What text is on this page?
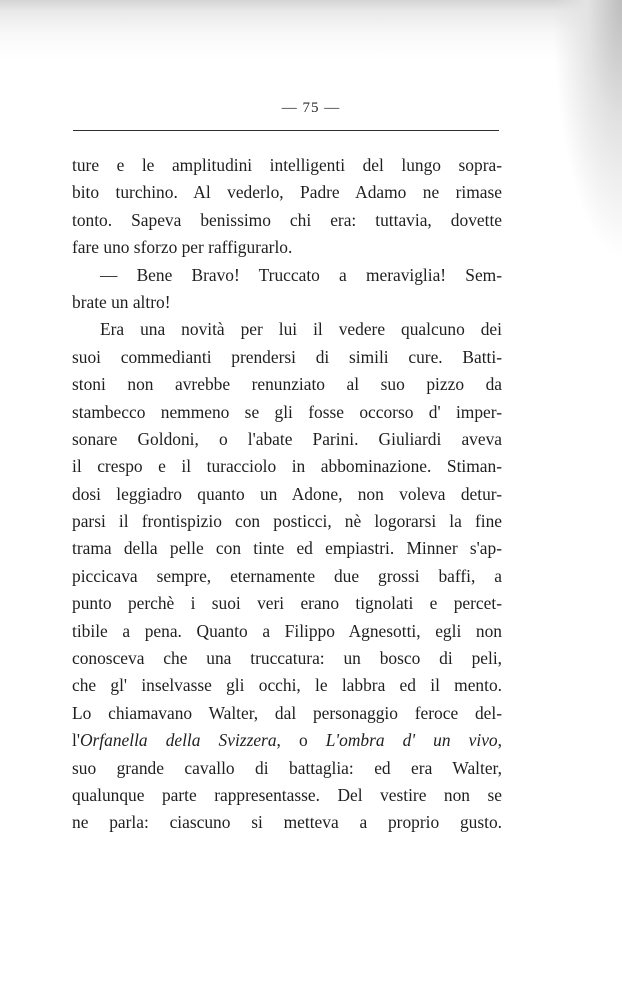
— 75 —
ture e le amplitudini intelligenti del lungo sopra-
bito turchino. Al vederlo, Padre Adamo ne rimase
tonto. Sapeva benissimo chi era: tuttavia, dovette
fare uno sforzo per raffigurarlo.
— Bene Bravo! Truccato a meraviglia! Sem-
brate un altro!
Era una novità per lui il vedere qualcuno dei
suoi commedianti prendersi di simili cure. Batti-
stoni non avrebbe renunziato al suo pizzo da
stambecco nemmeno se gli fosse occorso d' imper-
sonare Goldoni, o l'abate Parini. Giuliardi aveva
il crespo e il turacciolo in abbominazione. Stiman-
dosi leggiadro quanto un Adone, non voleva detur-
parsi il frontispizio con posticci, nè logorarsi la fine
trama della pelle con tinte ed empiastri. Minner s'ap-
piccicava sempre, eternamente due grossi baffi, a
punto perchè i suoi veri erano tignolati e percet-
tibile a pena. Quanto a Filippo Agnesotti, egli non
conosceva che una truccatura: un bosco di peli,
che gl' inselvasse gli occhi, le labbra ed il mento.
Lo chiamavano Walter, dal personaggio feroce del-
l'Orfanella della Svizzera, o L'ombra d' un vivo,
suo grande cavallo di battaglia: ed era Walter,
qualunque parte rappresentasse. Del vestire non se
ne parla: ciascuno si metteva a proprio gusto.
